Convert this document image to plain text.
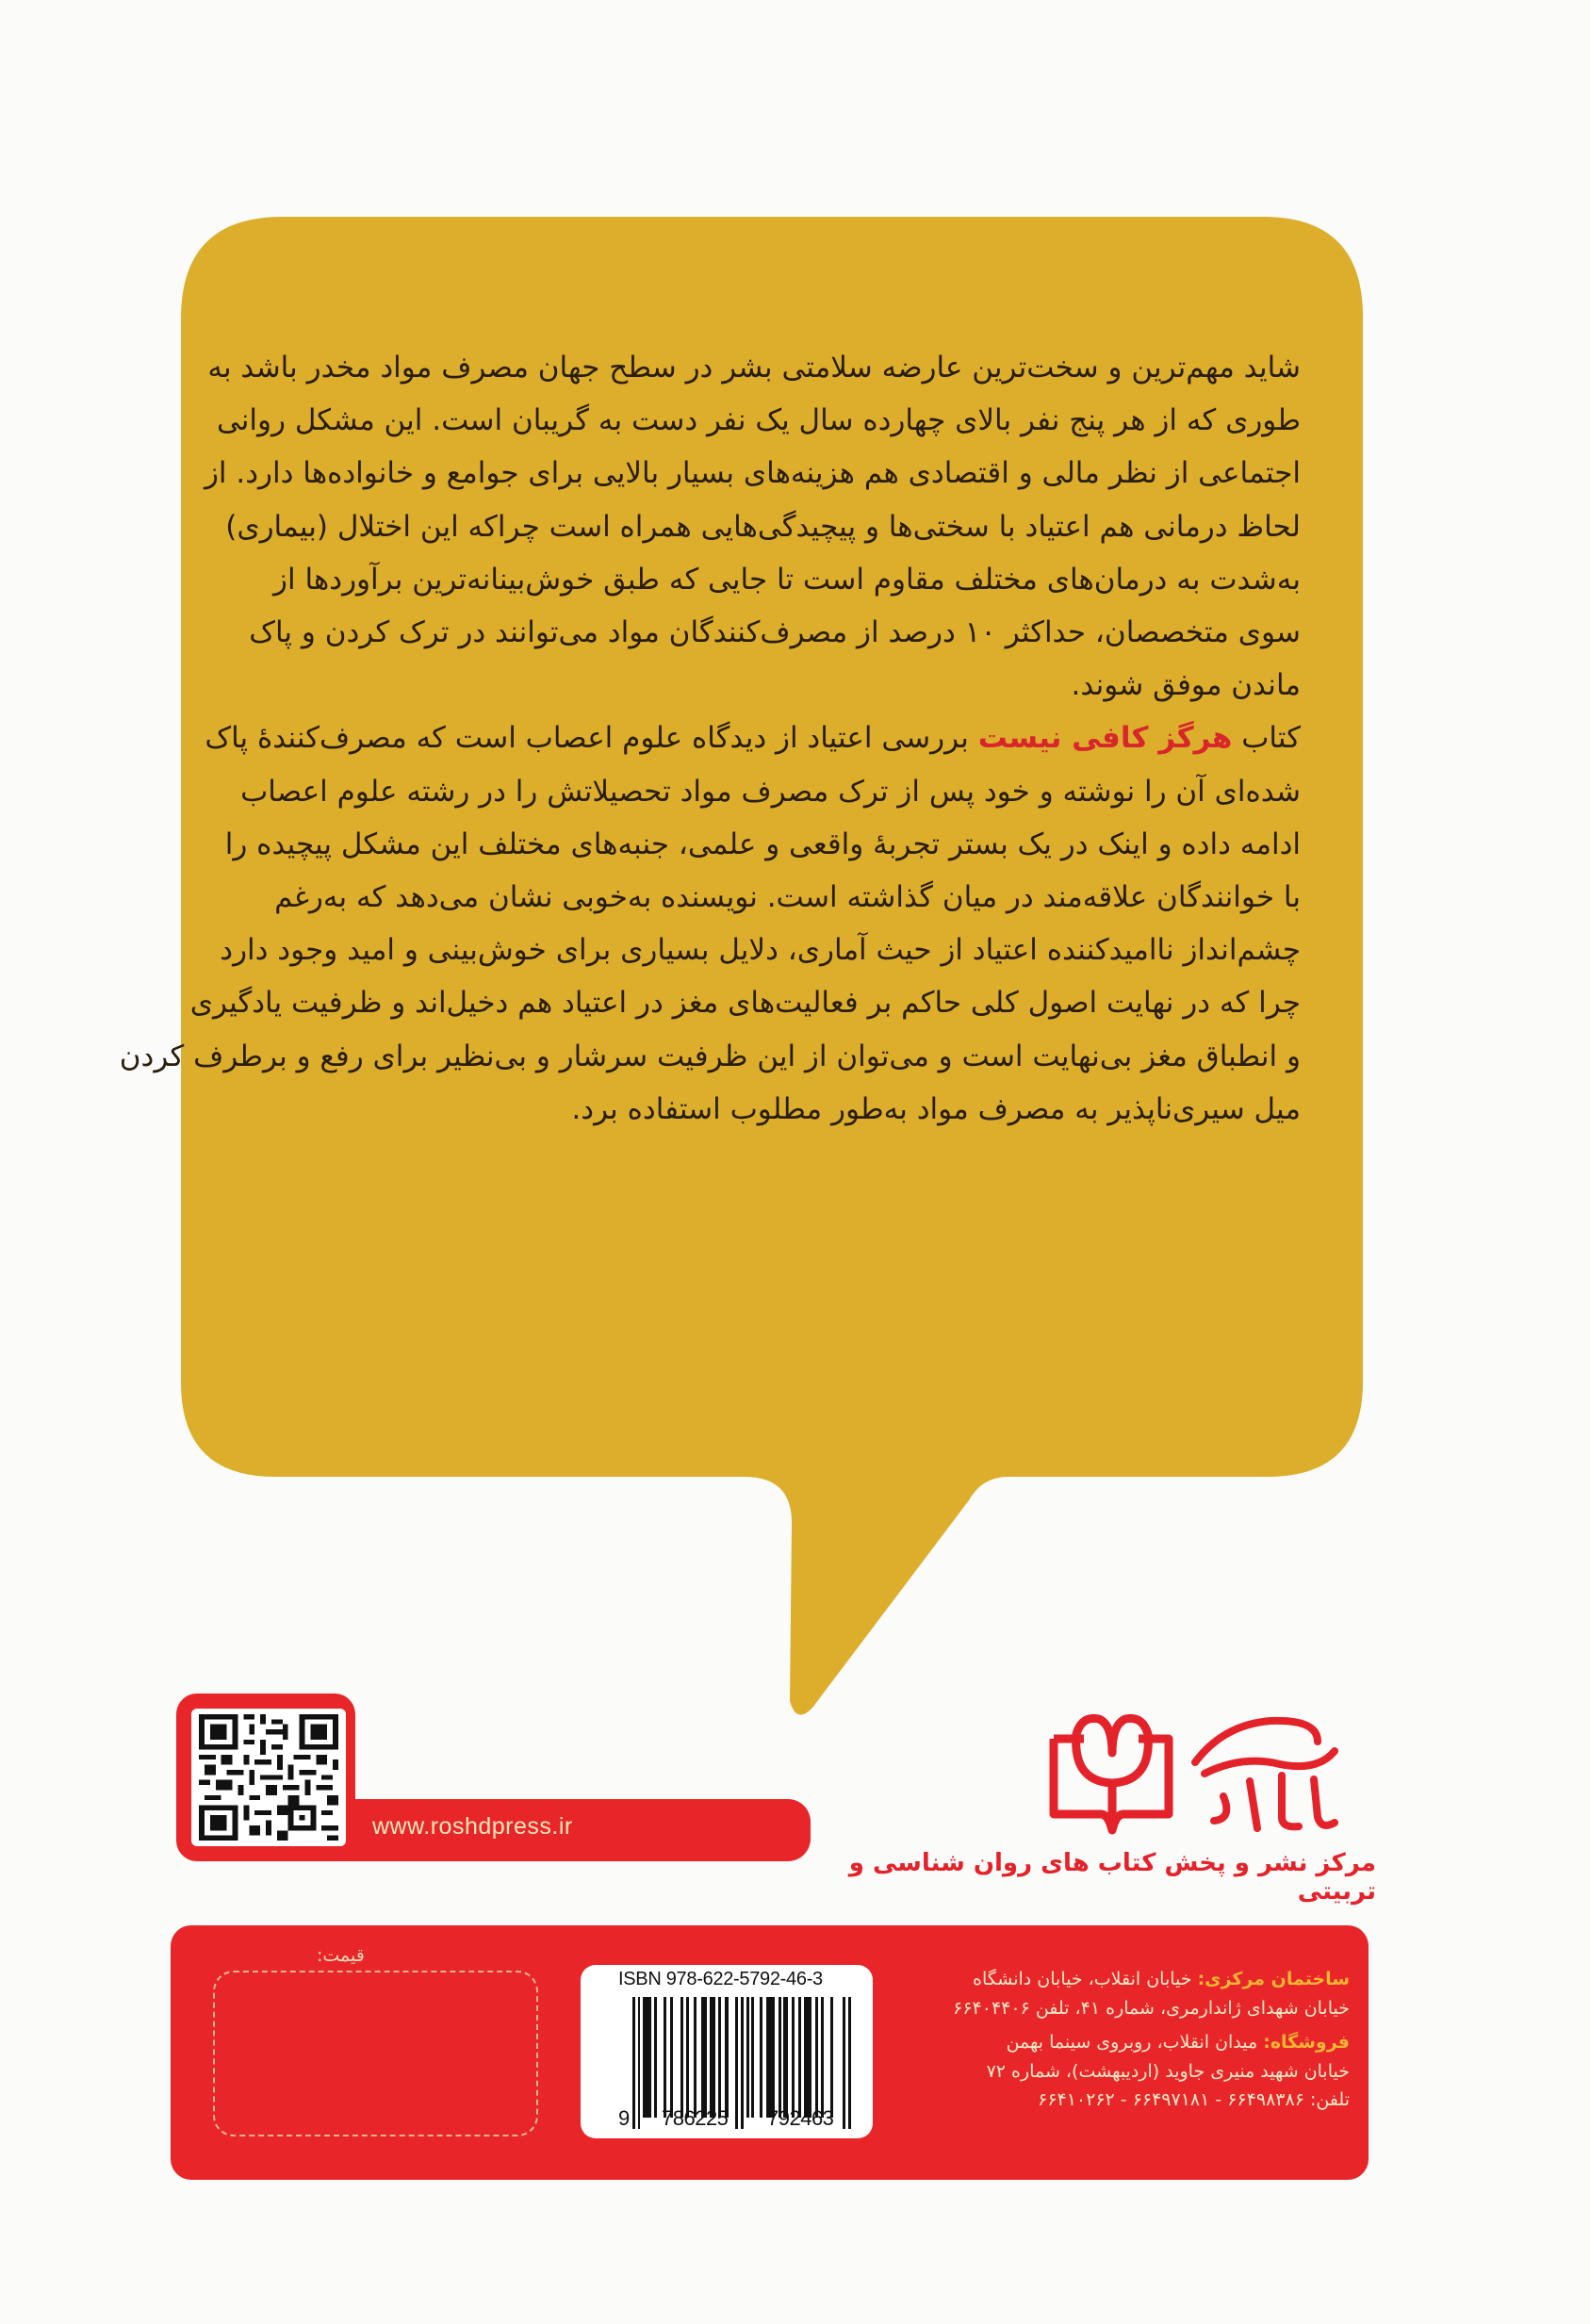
شاید مهم‌ترین و سخت‌ترین عارضه سلامتی بشر در سطح جهان مصرف مواد مخدر باشد به
طوری که از هر پنج نفر بالای چهارده سال یک نفر دست به گریبان است. این مشکل روانی
اجتماعی از نظر مالی و اقتصادی هم هزینه‌های بسیار بالایی برای جوامع و خانواده‌ها دارد. از
لحاظ درمانی هم اعتیاد با سختی‌ها و پیچیدگی‌هایی همراه است چراکه این اختلال (بیماری)
به‌شدت به درمان‌های مختلف مقاوم است تا جایی که طبق خوش‌بینانه‌ترین برآوردها از
سوی متخصصان، حداکثر ۱۰ درصد از مصرف‌کنندگان مواد می‌توانند در ترک کردن و پاک
ماندن موفق شوند.
کتاب هرگز کافی نیست بررسی اعتیاد از دیدگاه علوم اعصاب است که مصرف‌کنندهٔ پاک
شده‌ای آن را نوشته و خود پس از ترک مصرف مواد تحصیلاتش را در رشته علوم اعصاب
ادامه داده و اینک در یک بستر تجربهٔ واقعی و علمی، جنبه‌های مختلف این مشکل پیچیده را
با خوانندگان علاقه‌مند در میان گذاشته است. نویسنده به‌خوبی نشان می‌دهد که به‌رغم
چشم‌انداز ناامیدکننده اعتیاد از حیث آماری، دلایل بسیاری برای خوش‌بینی و امید وجود دارد
چرا که در نهایت اصول کلی حاکم بر فعالیت‌های مغز در اعتیاد هم دخیل‌اند و ظرفیت یادگیری
و انطباق مغز بی‌نهایت است و می‌توان از این ظرفیت سرشار و بی‌نظیر برای رفع و برطرف کردن
میل سیری‌ناپذیر به مصرف مواد به‌طور مطلوب استفاده برد.
www.roshdpress.ir
مرکز نشر و پخش کتاب های روان شناسی و تربیتی
قیمت:
ISBN 978-622-5792-46-3
9 786225 792463
ساختمان مرکزی: خیابان انقلاب، خیابان دانشگاه
خیابان شهدای ژاندارمری، شماره ۴۱، تلفن ۶۶۴۰۴۴۰۶
فروشگاه: میدان انقلاب، روبروی سینما بهمن
خیابان شهید منیری جاوید (اردیبهشت)، شماره ۷۲
تلفن: ۶۶۴۹۸۳۸۶ - ۶۶۴۹۷۱۸۱ - ۶۶۴۱۰۲۶۲
